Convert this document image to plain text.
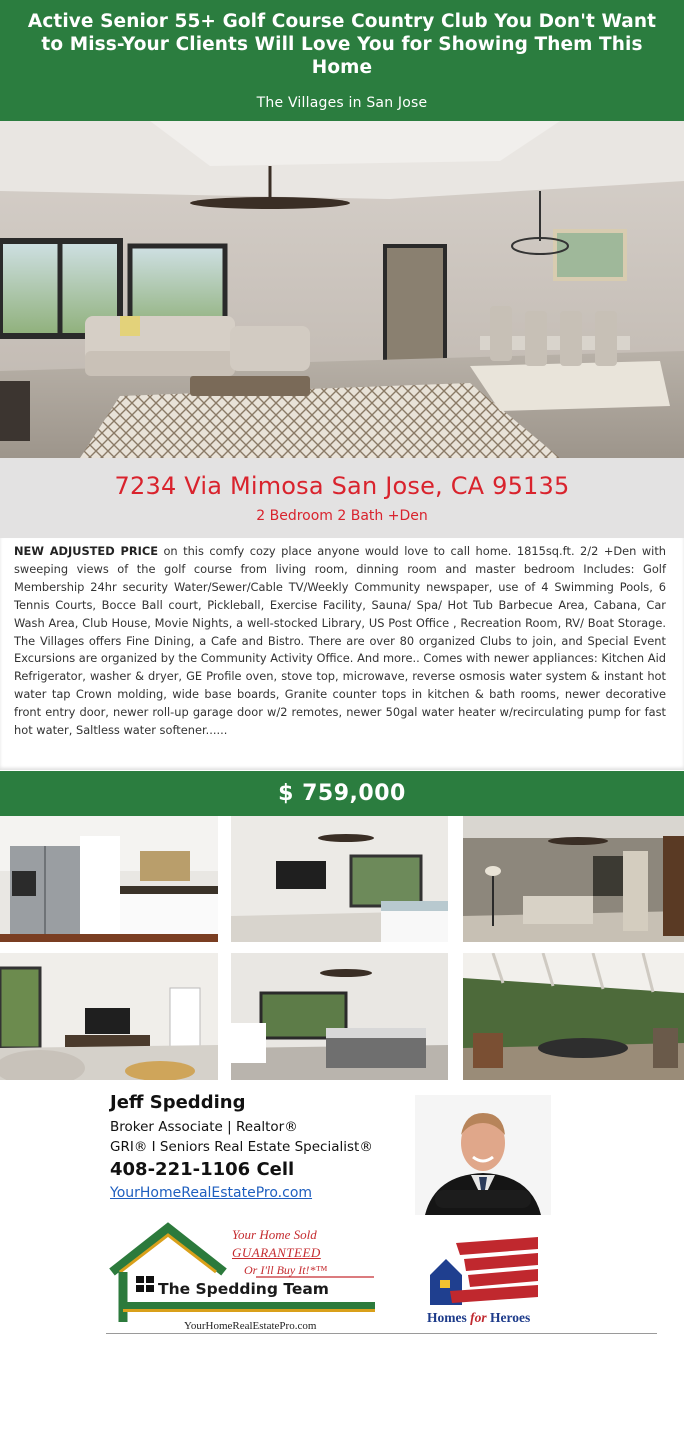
Active Senior 55+ Golf Course Country Club You Don't Want to Miss-Your Clients Will Love You for Showing Them This Home
The Villages in San Jose
7234 Via Mimosa San Jose, CA 95135
2 Bedroom 2 Bath +Den
NEW ADJUSTED PRICE on this comfy cozy place anyone would love to call home. 1815sq.ft. 2/2 +Den with sweeping views of the golf course from living room, dinning room and master bedroom Includes: Golf Membership 24hr security Water/Sewer/Cable TV/Weekly Community newspaper, use of 4 Swimming Pools, 6 Tennis Courts, Bocce Ball court, Pickleball, Exercise Facility, Sauna/ Spa/ Hot Tub Barbecue Area, Cabana, Car Wash Area, Club House, Movie Nights, a well-stocked Library, US Post Office , Recreation Room, RV/ Boat Storage. The Villages offers Fine Dining, a Cafe and Bistro. There are over 80 organized Clubs to join, and Special Event Excursions are organized by the Community Activity Office. And more.. Comes with newer appliances: Kitchen Aid Refrigerator, washer & dryer, GE Profile oven, stove top, microwave, reverse osmosis water system & instant hot water tap Crown molding, wide base boards, Granite counter tops in kitchen & bath rooms, newer decorative front entry door, newer roll-up garage door w/2 remotes, newer 50gal water heater w/recirculating pump for fast hot water, Saltless water softener......
$ 759,000
Jeff Spedding
Broker Associate | Realtor®
GRI® I Seniors Real Estate Specialist®
408-221-1106 Cell
YourHomeRealEstatePro.com
Your Home Sold
GUARANTEED
Or I'll Buy It!*™
The Spedding Team
YourHomeRealEstatePro.com
Homes for Heroes
